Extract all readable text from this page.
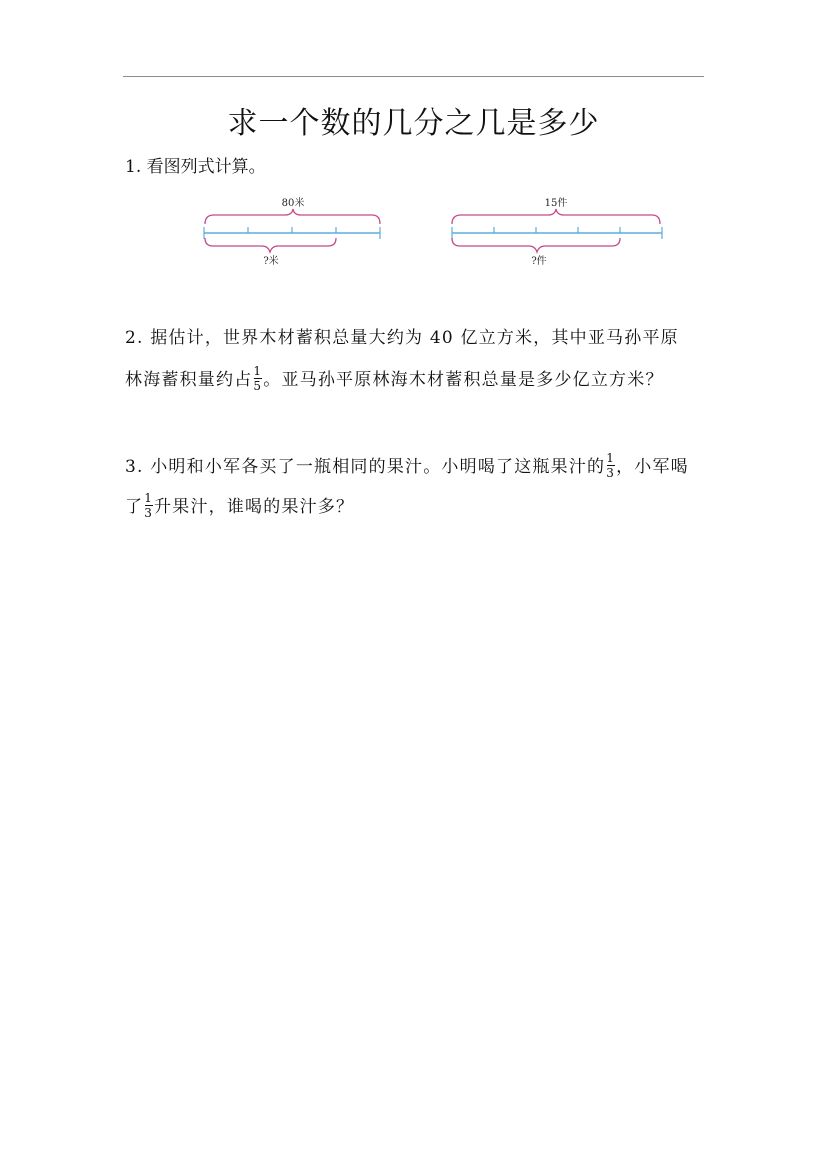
求一个数的几分之几是多少
1. 看图列式计算。
80米
?米
15件
?件
2. 据估计，世界木材蓄积总量大约为 40 亿立方米，其中亚马孙平原
林海蓄积量约占 $\frac{1}{5}$ 。亚马孙平原林海木材蓄积总量是多少亿立方米？
3. 小明和小军各买了一瓶相同的果汁。小明喝了这瓶果汁的 $\frac{1}{3}$ ，小军喝
了 $\frac{1}{3}$ 升果汁，谁喝的果汁多？
